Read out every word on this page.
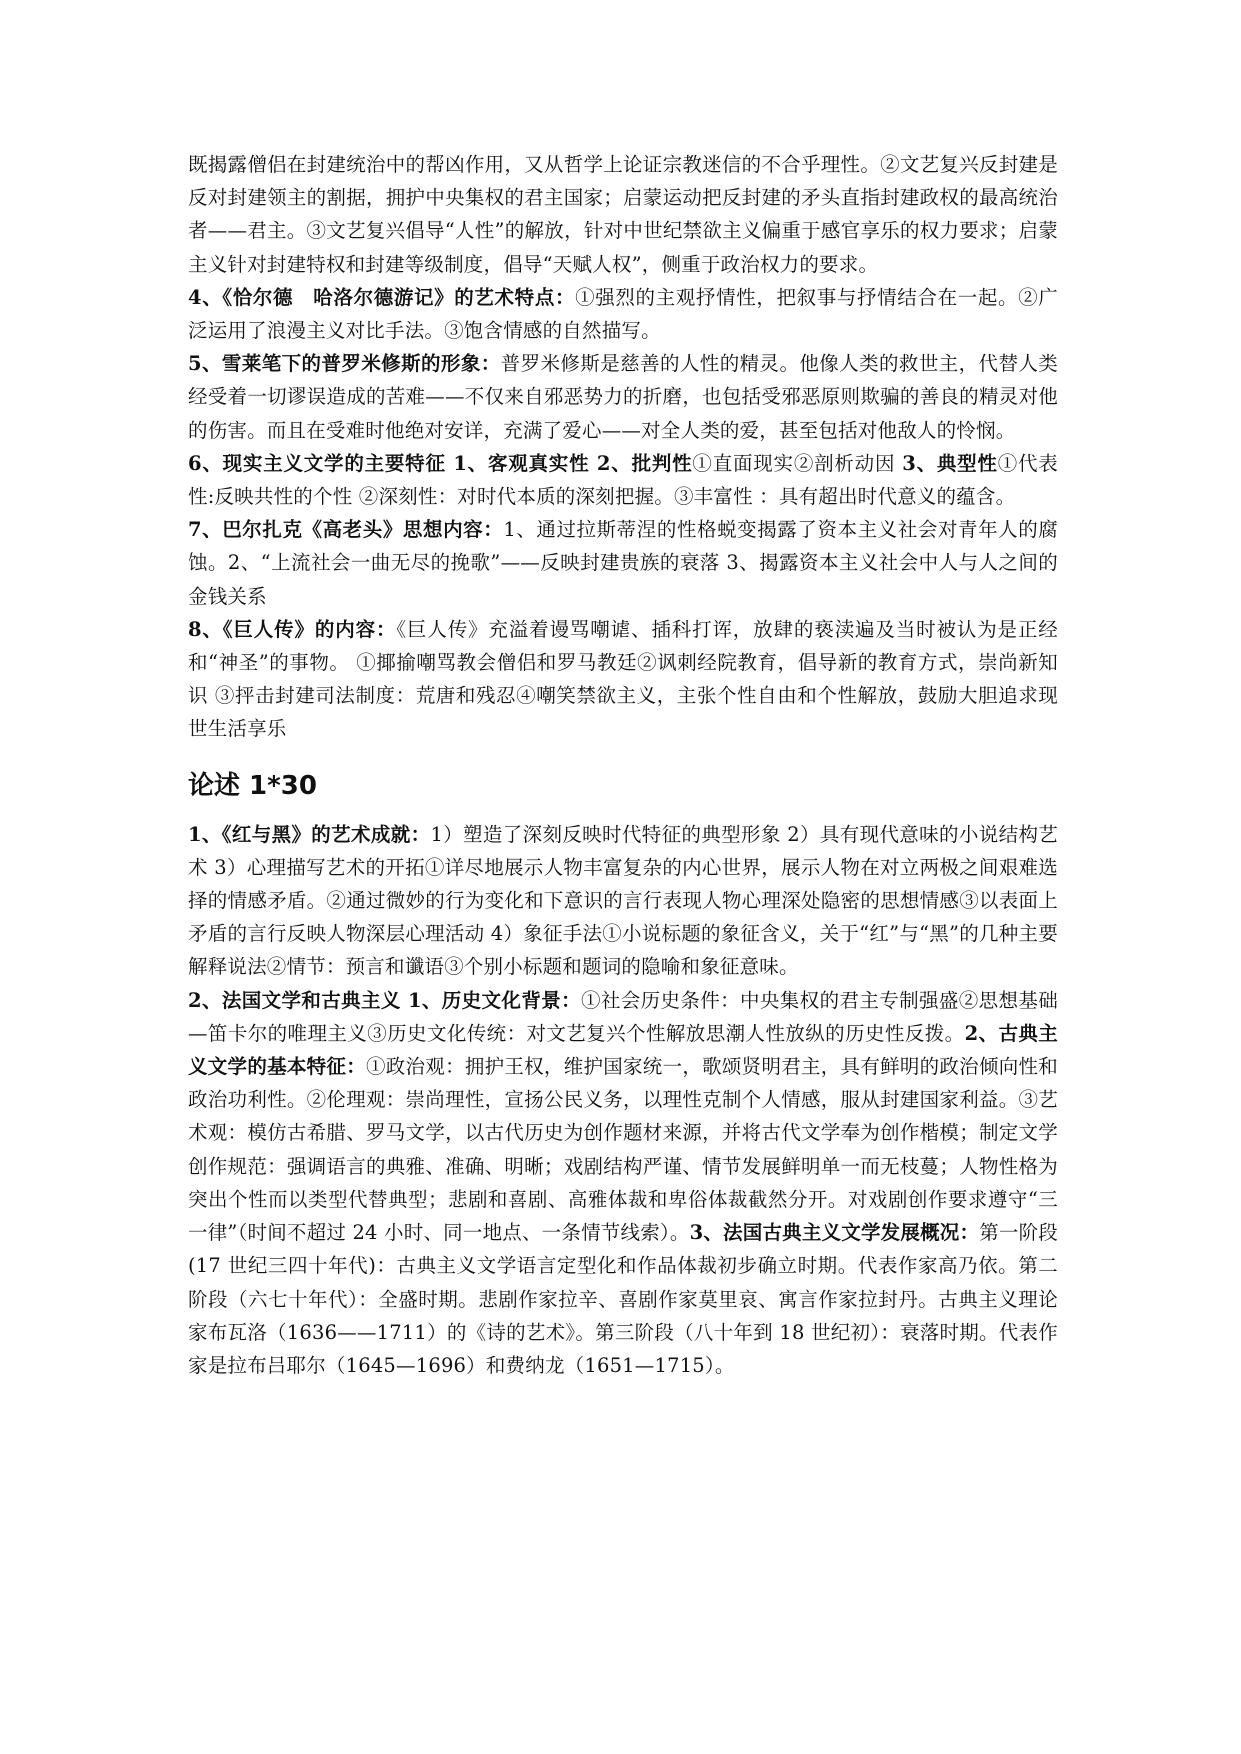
既揭露僧侣在封建统治中的帮凶作用，又从哲学上论证宗教迷信的不合乎理性。②文艺复兴反封建是反对封建领主的割据，拥护中央集权的君主国家；启蒙运动把反封建的矛头直指封建政权的最高统治者——君主。③文艺复兴倡导“人性”的解放，针对中世纪禁欲主义偏重于感官享乐的权力要求；启蒙主义针对封建特权和封建等级制度，倡导“天赋人权”，侧重于政治权力的要求。

4、《恰尔德　哈洛尔德游记》的艺术特点：①强烈的主观抒情性，把叙事与抒情结合在一起。②广泛运用了浪漫主义对比手法。③饱含情感的自然描写。

5、雪莱笔下的普罗米修斯的形象：普罗米修斯是慈善的人性的精灵。他像人类的救世主，代替人类经受着一切谬误造成的苦难——不仅来自邪恶势力的折磨，也包括受邪恶原则欺骗的善良的精灵对他的伤害。而且在受难时他绝对安详，充满了爱心——对全人类的爱，甚至包括对他敌人的怜悯。

6、现实主义文学的主要特征 1、客观真实性 2、批判性①直面现实②剖析动因 3、典型性①代表性:反映共性的个性 ②深刻性：对时代本质的深刻把握。③丰富性 ：具有超出时代意义的蕴含。

7、巴尔扎克《高老头》思想内容：1、通过拉斯蒂涅的性格蜕变揭露了资本主义社会对青年人的腐蚀。2、“上流社会一曲无尽的挽歌”——反映封建贵族的衰落 3、揭露资本主义社会中人与人之间的金钱关系

8、《巨人传》的内容：《巨人传》充溢着谩骂嘲谑、插科打诨，放肆的亵渎遍及当时被认为是正经和“神圣”的事物。 ①揶揄嘲骂教会僧侣和罗马教廷②讽刺经院教育，倡导新的教育方式，崇尚新知识 ③抨击封建司法制度：荒唐和残忍④嘲笑禁欲主义，主张个性自由和个性解放，鼓励大胆追求现世生活享乐

论述 1*30

1、《红与黑》的艺术成就：1）塑造了深刻反映时代特征的典型形象 2）具有现代意味的小说结构艺术 3）心理描写艺术的开拓①详尽地展示人物丰富复杂的内心世界，展示人物在对立两极之间艰难选择的情感矛盾。②通过微妙的行为变化和下意识的言行表现人物心理深处隐密的思想情感③以表面上矛盾的言行反映人物深层心理活动 4）象征手法①小说标题的象征含义，关于“红”与“黑”的几种主要解释说法②情节：预言和谶语③个别小标题和题词的隐喻和象征意味。

2、法国文学和古典主义 1、历史文化背景：①社会历史条件：中央集权的君主专制强盛②思想基础—笛卡尔的唯理主义③历史文化传统：对文艺复兴个性解放思潮人性放纵的历史性反拨。2、古典主义文学的基本特征：①政治观：拥护王权，维护国家统一，歌颂贤明君主，具有鲜明的政治倾向性和政治功利性。②伦理观：崇尚理性，宣扬公民义务，以理性克制个人情感，服从封建国家利益。③艺术观：模仿古希腊、罗马文学，以古代历史为创作题材来源，并将古代文学奉为创作楷模；制定文学创作规范：强调语言的典雅、准确、明晰；戏剧结构严谨、情节发展鲜明单一而无枝蔓；人物性格为突出个性而以类型代替典型；悲剧和喜剧、高雅体裁和卑俗体裁截然分开。对戏剧创作要求遵守“三一律”（时间不超过 24 小时、同一地点、一条情节线索）。3、法国古典主义文学发展概况：第一阶段(17 世纪三四十年代)：古典主义文学语言定型化和作品体裁初步确立时期。代表作家高乃依。第二阶段（六七十年代）：全盛时期。悲剧作家拉辛、喜剧作家莫里哀、寓言作家拉封丹。古典主义理论家布瓦洛（1636——1711）的《诗的艺术》。第三阶段（八十年到 18 世纪初）：衰落时期。代表作家是拉布吕耶尔（1645—1696）和费纳龙（1651—1715）。
